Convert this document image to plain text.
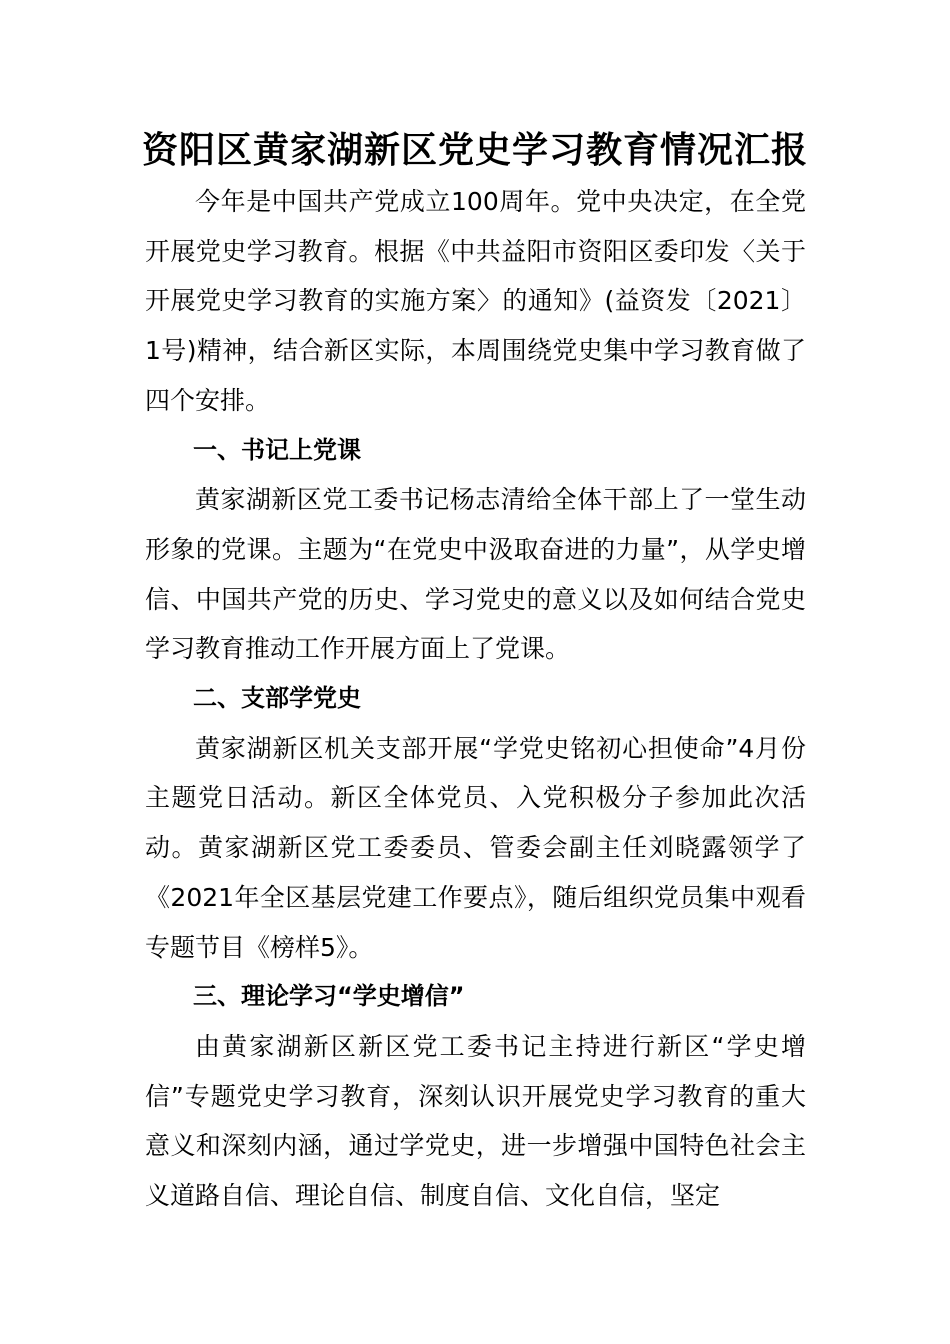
资阳区黄家湖新区党史学习教育情况汇报

今年是中国共产党成立100周年。党中央决定，在全党开展党史学习教育。根据《中共益阳市资阳区委印发〈关于开展党史学习教育的实施方案〉的通知》(益资发〔2021〕1号)精神，结合新区实际，本周围绕党史集中学习教育做了四个安排。

一、书记上党课

黄家湖新区党工委书记杨志清给全体干部上了一堂生动形象的党课。主题为“在党史中汲取奋进的力量”，从学史增信、中国共产党的历史、学习党史的意义以及如何结合党史学习教育推动工作开展方面上了党课。

二、支部学党史

黄家湖新区机关支部开展“学党史铭初心担使命”4月份主题党日活动。新区全体党员、入党积极分子参加此次活动。黄家湖新区党工委委员、管委会副主任刘晓露领学了《2021年全区基层党建工作要点》，随后组织党员集中观看专题节目《榜样5》。

三、理论学习“学史增信”

由黄家湖新区新区党工委书记主持进行新区“学史增信”专题党史学习教育，深刻认识开展党史学习教育的重大意义和深刻内涵，通过学党史，进一步增强中国特色社会主义道路自信、理论自信、制度自信、文化自信，坚定
